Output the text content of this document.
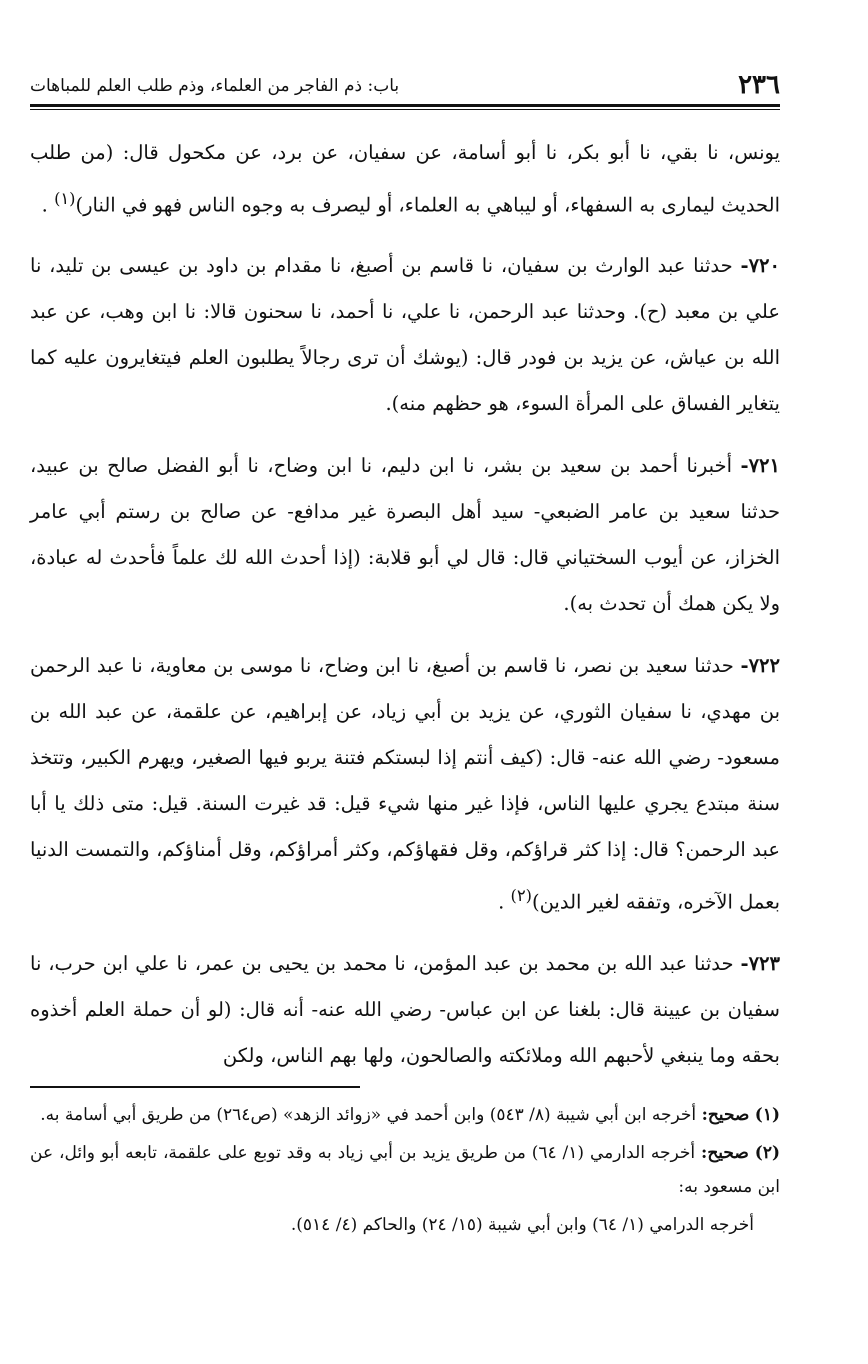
٢٣٦
باب: ذم الفاجر من العلماء، وذم طلب العلم للمباهات

يونس، نا بقي، نا أبو بكر، نا أبو أسامة، عن سفيان، عن برد، عن مكحول قال: (من طلب الحديث ليمارى به السفهاء، أو ليباهي به العلماء، أو ليصرف به وجوه الناس فهو في النار)$^{(١)}$ .

٧٢٠- حدثنا عبد الوارث بن سفيان، نا قاسم بن أصبغ، نا مقدام بن داود بن عيسى بن تليد، نا علي بن معبد (ح). وحدثنا عبد الرحمن، نا علي، نا أحمد، نا سحنون قالا: نا ابن وهب، عن عبد الله بن عياش، عن يزيد بن فودر قال: (يوشك أن ترى رجالاً يطلبون العلم فيتغايرون عليه كما يتغاير الفساق على المرأة السوء، هو حظهم منه).

٧٢١- أخبرنا أحمد بن سعيد بن بشر، نا ابن دليم، نا ابن وضاح، نا أبو الفضل صالح بن عبيد، حدثنا سعيد بن عامر الضبعي- سيد أهل البصرة غير مدافع- عن صالح بن رستم أبي عامر الخزاز، عن أيوب السختياني قال: قال لي أبو قلابة: (إذا أحدث الله لك علماً فأحدث له عبادة، ولا يكن همك أن تحدث به).

٧٢٢- حدثنا سعيد بن نصر، نا قاسم بن أصبغ، نا ابن وضاح، نا موسى بن معاوية، نا عبد الرحمن بن مهدي، نا سفيان الثوري، عن يزيد بن أبي زياد، عن إبراهيم، عن علقمة، عن عبد الله بن مسعود- رضي الله عنه- قال: (كيف أنتم إذا لبستكم فتنة يربو فيها الصغير، ويهرم الكبير، وتتخذ سنة مبتدع يجري عليها الناس، فإذا غير منها شيء قيل: قد غيرت السنة. قيل: متى ذلك يا أبا عبد الرحمن؟ قال: إذا كثر قراؤكم، وقل فقهاؤكم، وكثر أمراؤكم، وقل أمناؤكم، والتمست الدنيا بعمل الآخره، وتفقه لغير الدين)$^{(٢)}$ .

٧٢٣- حدثنا عبد الله بن محمد بن عبد المؤمن، نا محمد بن يحيى بن عمر، نا علي ابن حرب، نا سفيان بن عيينة قال: بلغنا عن ابن عباس- رضي الله عنه- أنه قال: (لو أن حملة العلم أخذوه بحقه وما ينبغي لأحبهم الله وملائكته والصالحون، ولها بهم الناس، ولكن

(١) صحيح: أخرجه ابن أبي شيبة (٨/ ٥٤٣) وابن أحمد في «زوائد الزهد» (ص٢٦٤) من طريق أبي أسامة به.

(٢) صحيح: أخرجه الدارمي (١/ ٦٤) من طريق يزيد بن أبي زياد به وقد توبع على علقمة، تابعه أبو وائل، عن ابن مسعود به:

أخرجه الدرامي (١/ ٦٤) وابن أبي شيبة (١٥/ ٢٤) والحاكم (٤/ ٥١٤).
